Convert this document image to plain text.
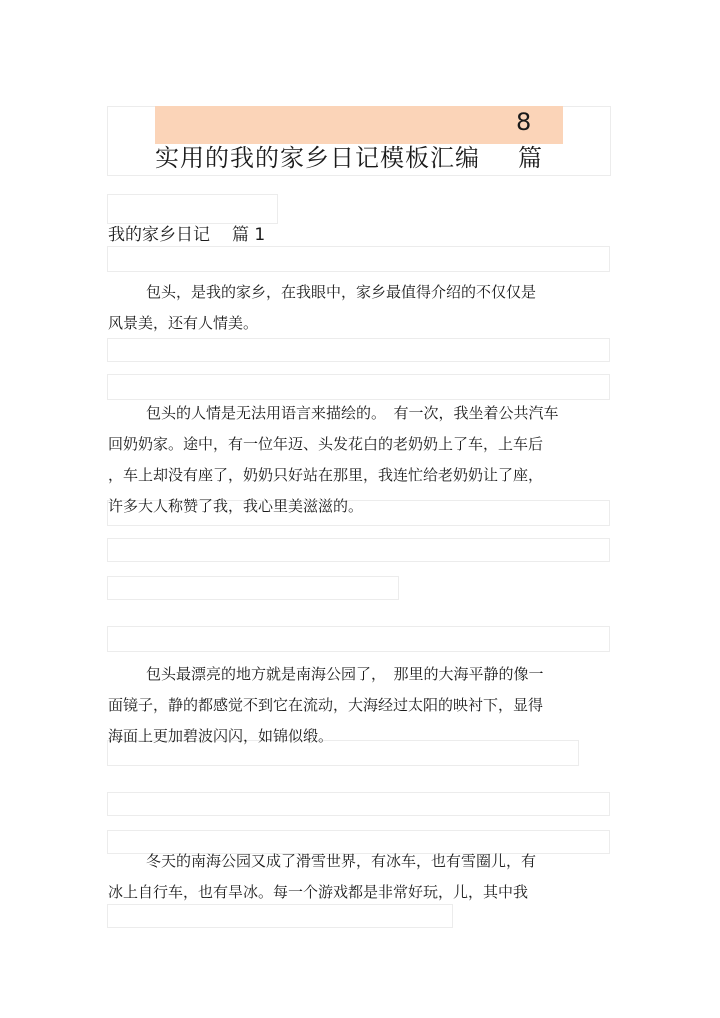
8
实用的我的家乡日记模板汇编 篇
我的家乡日记 篇 1
包头，是我的家乡，在我眼中，家乡最值得介绍的不仅仅是
风景美，还有人情美。
包头的人情是无法用语言来描绘的。　有一次，我坐着公共汽车
回奶奶家。途中，有一位年迈、头发花白的老奶奶上了车，上车后
，车上却没有座了，奶奶只好站在那里，我连忙给老奶奶让了座，
许多大人称赞了我，我心里美滋滋的。
包头最漂亮的地方就是南海公园了，　那里的大海平静的像一
面镜子，静的都感觉不到它在流动，大海经过太阳的映衬下，显得
海面上更加碧波闪闪，如锦似缎。
冬天的南海公园又成了滑雪世界，有冰车，也有雪圈儿，有
冰上自行车，也有旱冰。每一个游戏都是非常好玩，儿，其中我
